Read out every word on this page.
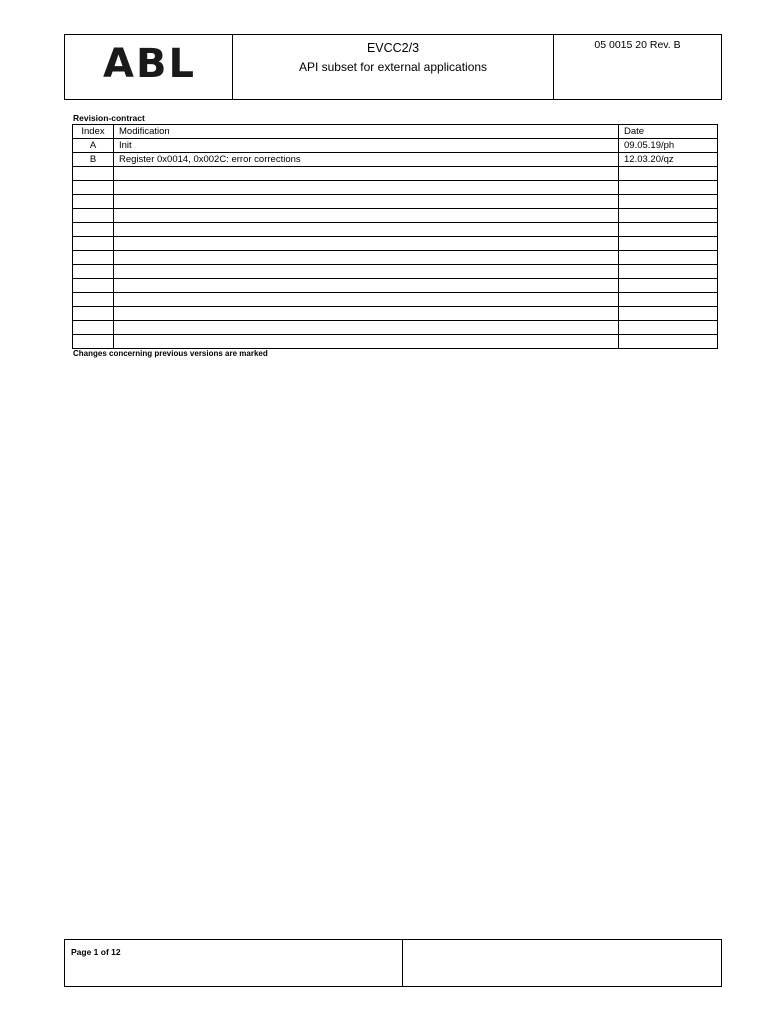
ABL	EVCC2/3
API subset for external applications
05 0015 20 Rev. B
Revision-contract
Index	Modification	Date
A	Init	09.05.19/ph
B	Register 0x0014, 0x002C: error corrections	12.03.20/qz

Changes concerning previous versions are marked
Page 1 of 12
